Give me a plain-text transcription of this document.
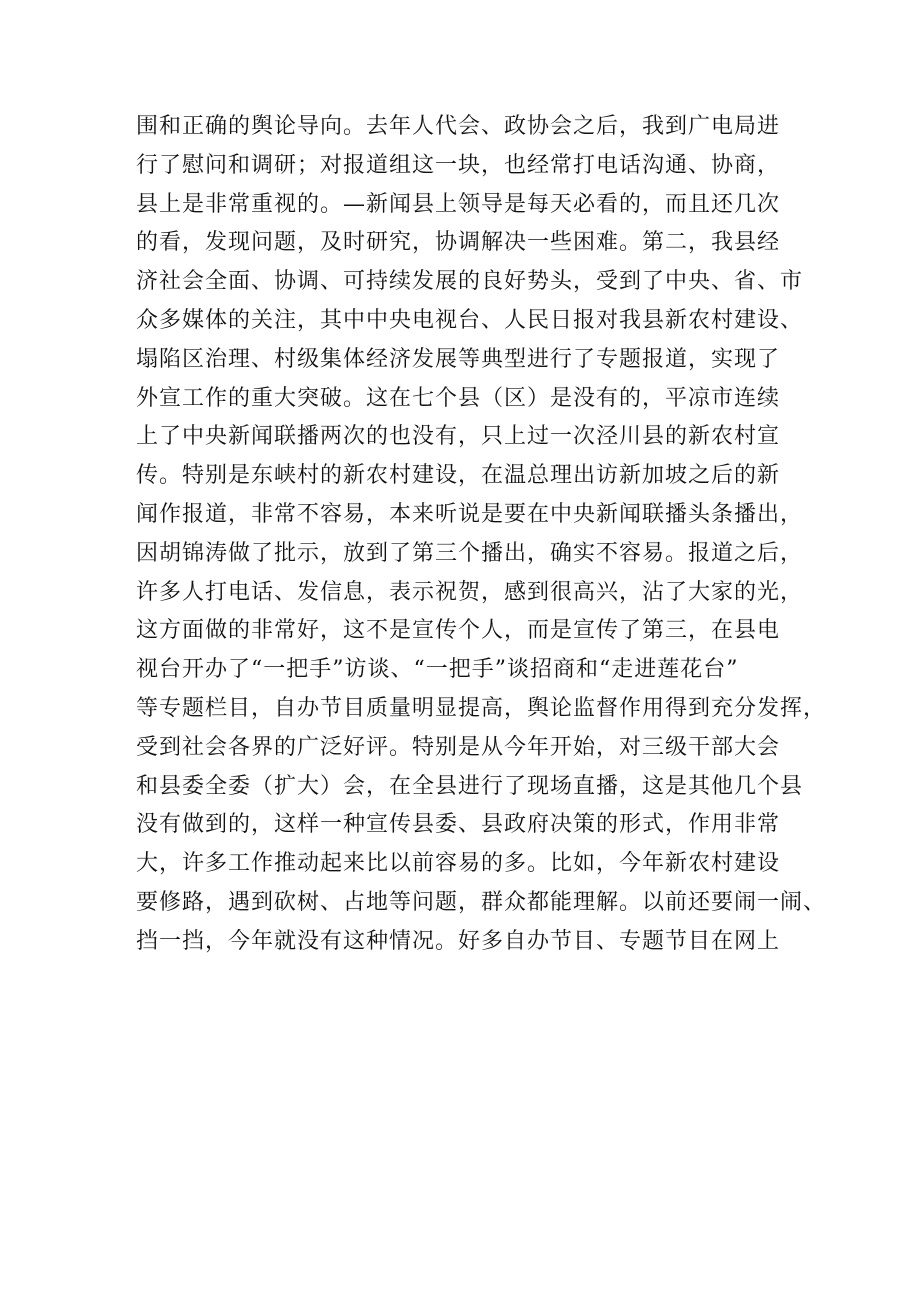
围和正确的舆论导向。去年人代会、政协会之后，我到广电局进
行了慰问和调研；对报道组这一块，也经常打电话沟通、协商，
县上是非常重视的。—新闻县上领导是每天必看的，而且还几次
的看，发现问题，及时研究，协调解决一些困难。第二，我县经
济社会全面、协调、可持续发展的良好势头，受到了中央、省、市
众多媒体的关注，其中中央电视台、人民日报对我县新农村建设、
塌陷区治理、村级集体经济发展等典型进行了专题报道，实现了
外宣工作的重大突破。这在七个县（区）是没有的，平凉市连续
上了中央新闻联播两次的也没有，只上过一次泾川县的新农村宣
传。特别是东峡村的新农村建设，在温总理出访新加坡之后的新
闻作报道，非常不容易，本来听说是要在中央新闻联播头条播出，
因胡锦涛做了批示，放到了第三个播出，确实不容易。报道之后，
许多人打电话、发信息，表示祝贺，感到很高兴，沾了大家的光，
这方面做的非常好，这不是宣传个人，而是宣传了第三，在县电
视台开办了“一把手”访谈、“一把手”谈招商和“走进莲花台”
等专题栏目，自办节目质量明显提高，舆论监督作用得到充分发挥，
受到社会各界的广泛好评。特别是从今年开始，对三级干部大会
和县委全委（扩大）会，在全县进行了现场直播，这是其他几个县
没有做到的，这样一种宣传县委、县政府决策的形式，作用非常
大，许多工作推动起来比以前容易的多。比如，今年新农村建设
要修路，遇到砍树、占地等问题，群众都能理解。以前还要闹一闹、
挡一挡，今年就没有这种情况。好多自办节目、专题节目在网上
